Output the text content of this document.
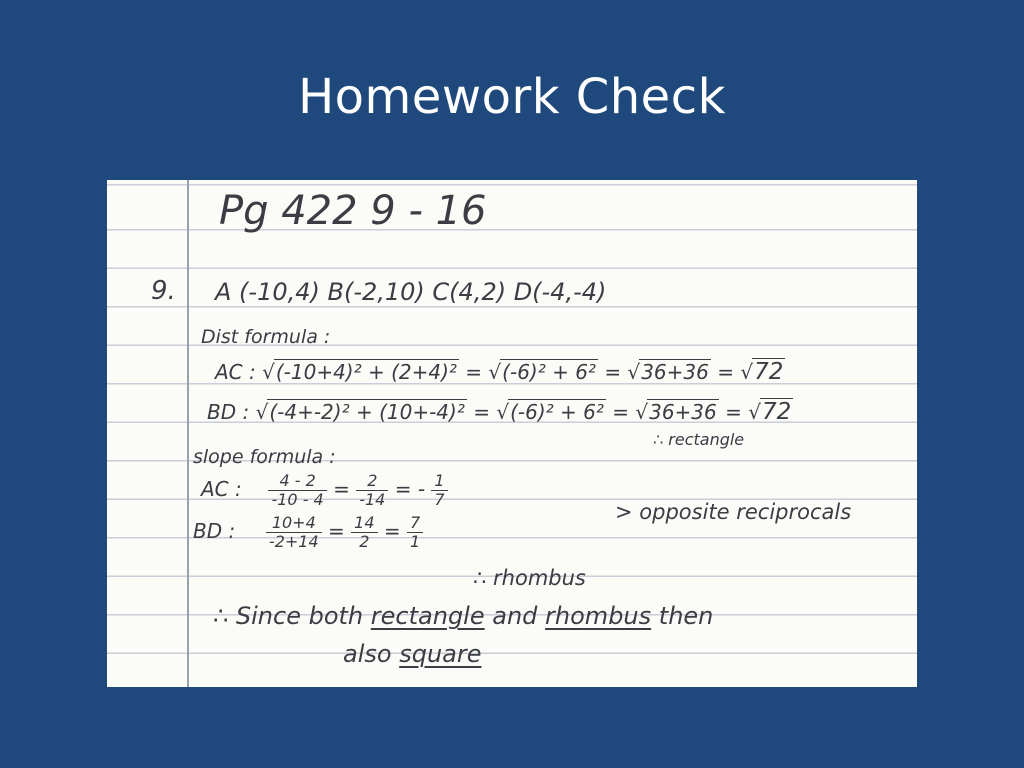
Homework Check
Pg 422 9 - 16
9. A (-10,4) B(-2,10) C(4,2) D(-4,-4)
Dist formula :
AC : √(-10+4)² + (2+4)² = √(-6)² + 6² = √36+36 = √72
BD : √(-4+-2)² + (10+-4)² = √(-6)² + 6² = √36+36 = √72
∴ rectangle
slope formula :
AC : $\frac{4 - 2}{-10 - 4} = \frac{2}{-14}$ = - $\frac{1}{7}$
BD : $\frac{10+4}{-2+14} = \frac{14}{2} = \frac{7}{1}$
> opposite reciprocals
∴ rhombus
∴ Since both rectangle and rhombus then
also square
